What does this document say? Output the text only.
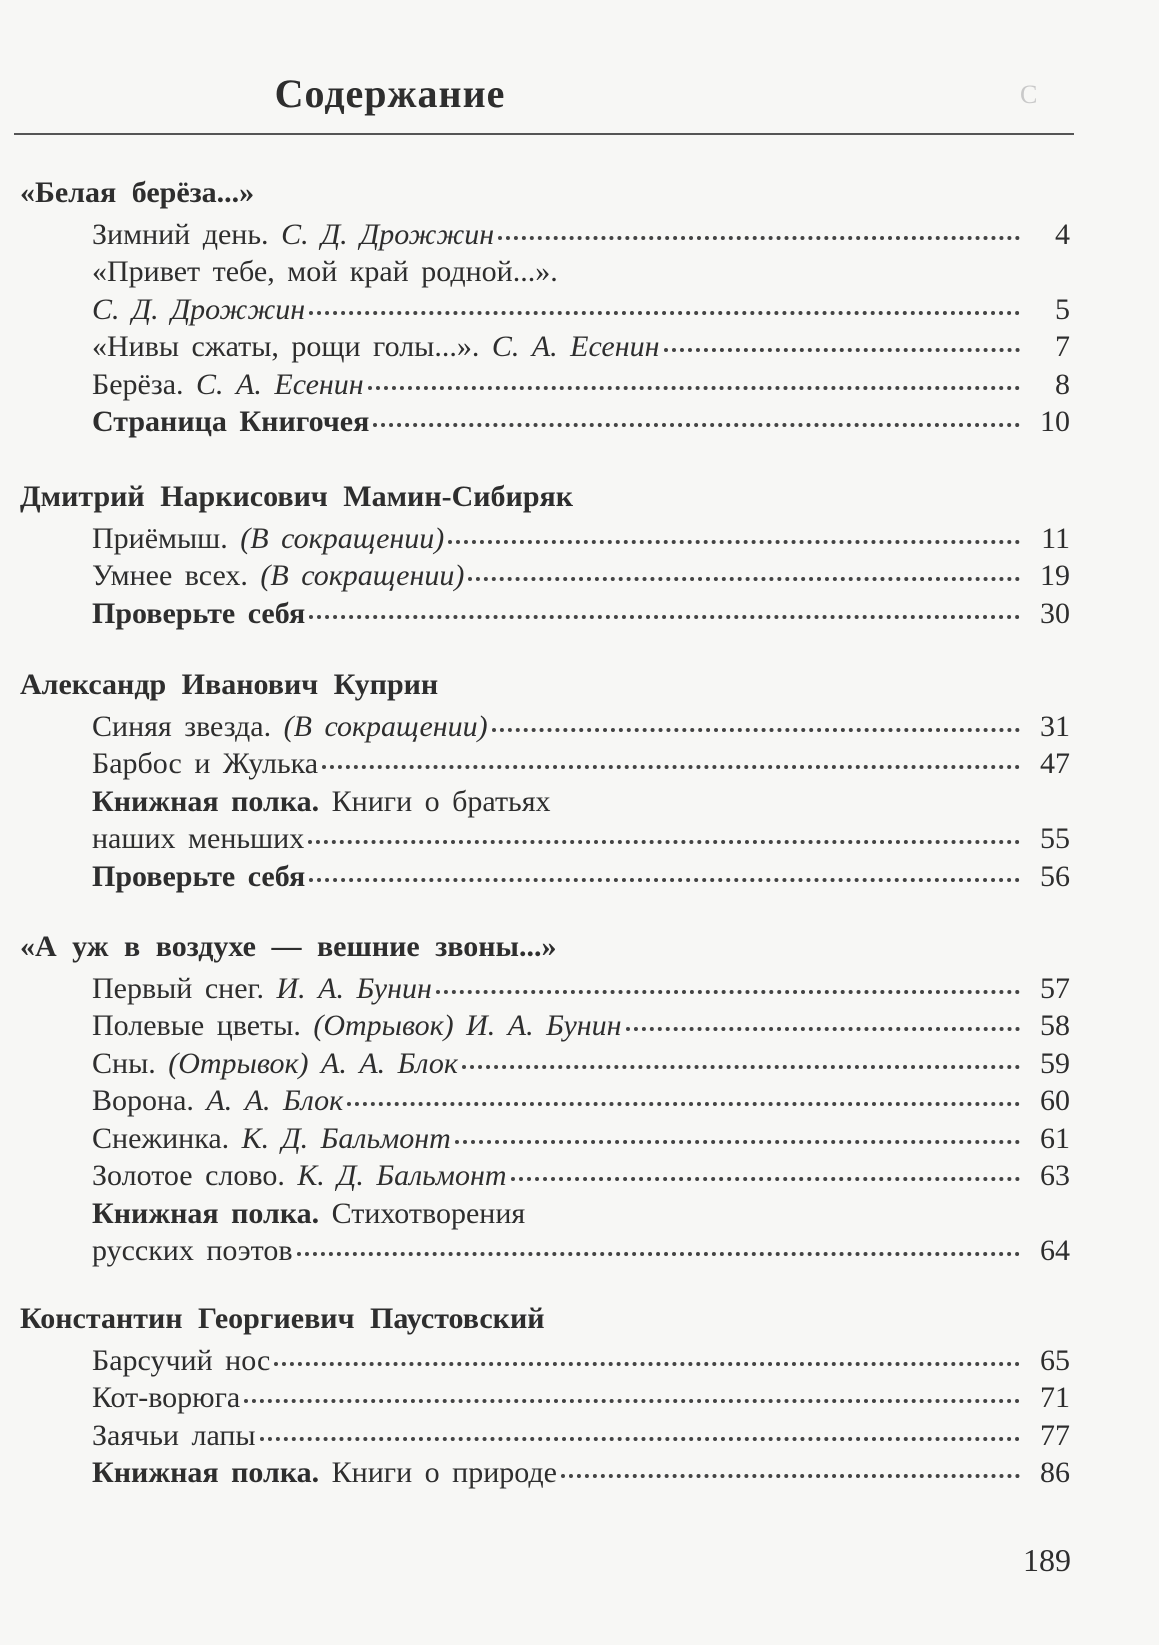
Содержание	С
«Белая берёза...»
Зимний день. С. Д. Дрожжин	4
«Привет тебе, мой край родной...».
С. Д. Дрожжин	5
«Нивы сжаты, рощи голы...». С. А. Есенин	7
Берёза. С. А. Есенин	8
Страница Книгочея	10
Дмитрий Наркисович Мамин-Сибиряк
Приёмыш. (В сокращении)	11
Умнее всех. (В сокращении)	19
Проверьте себя	30
Александр Иванович Куприн
Синяя звезда. (В сокращении)	31
Барбос и Жулька	47
Книжная полка. Книги о братьях
наших меньших	55
Проверьте себя	56
«А уж в воздухе — вешние звоны...»
Первый снег. И. А. Бунин	57
Полевые цветы. (Отрывок) И. А. Бунин	58
Сны. (Отрывок) А. А. Блок	59
Ворона. А. А. Блок	60
Снежинка. К. Д. Бальмонт	61
Золотое слово. К. Д. Бальмонт	63
Книжная полка. Стихотворения
русских поэтов	64
Константин Георгиевич Паустовский
Барсучий нос	65
Кот-ворюга	71
Заячьи лапы	77
Книжная полка. Книги о природе	86
189
